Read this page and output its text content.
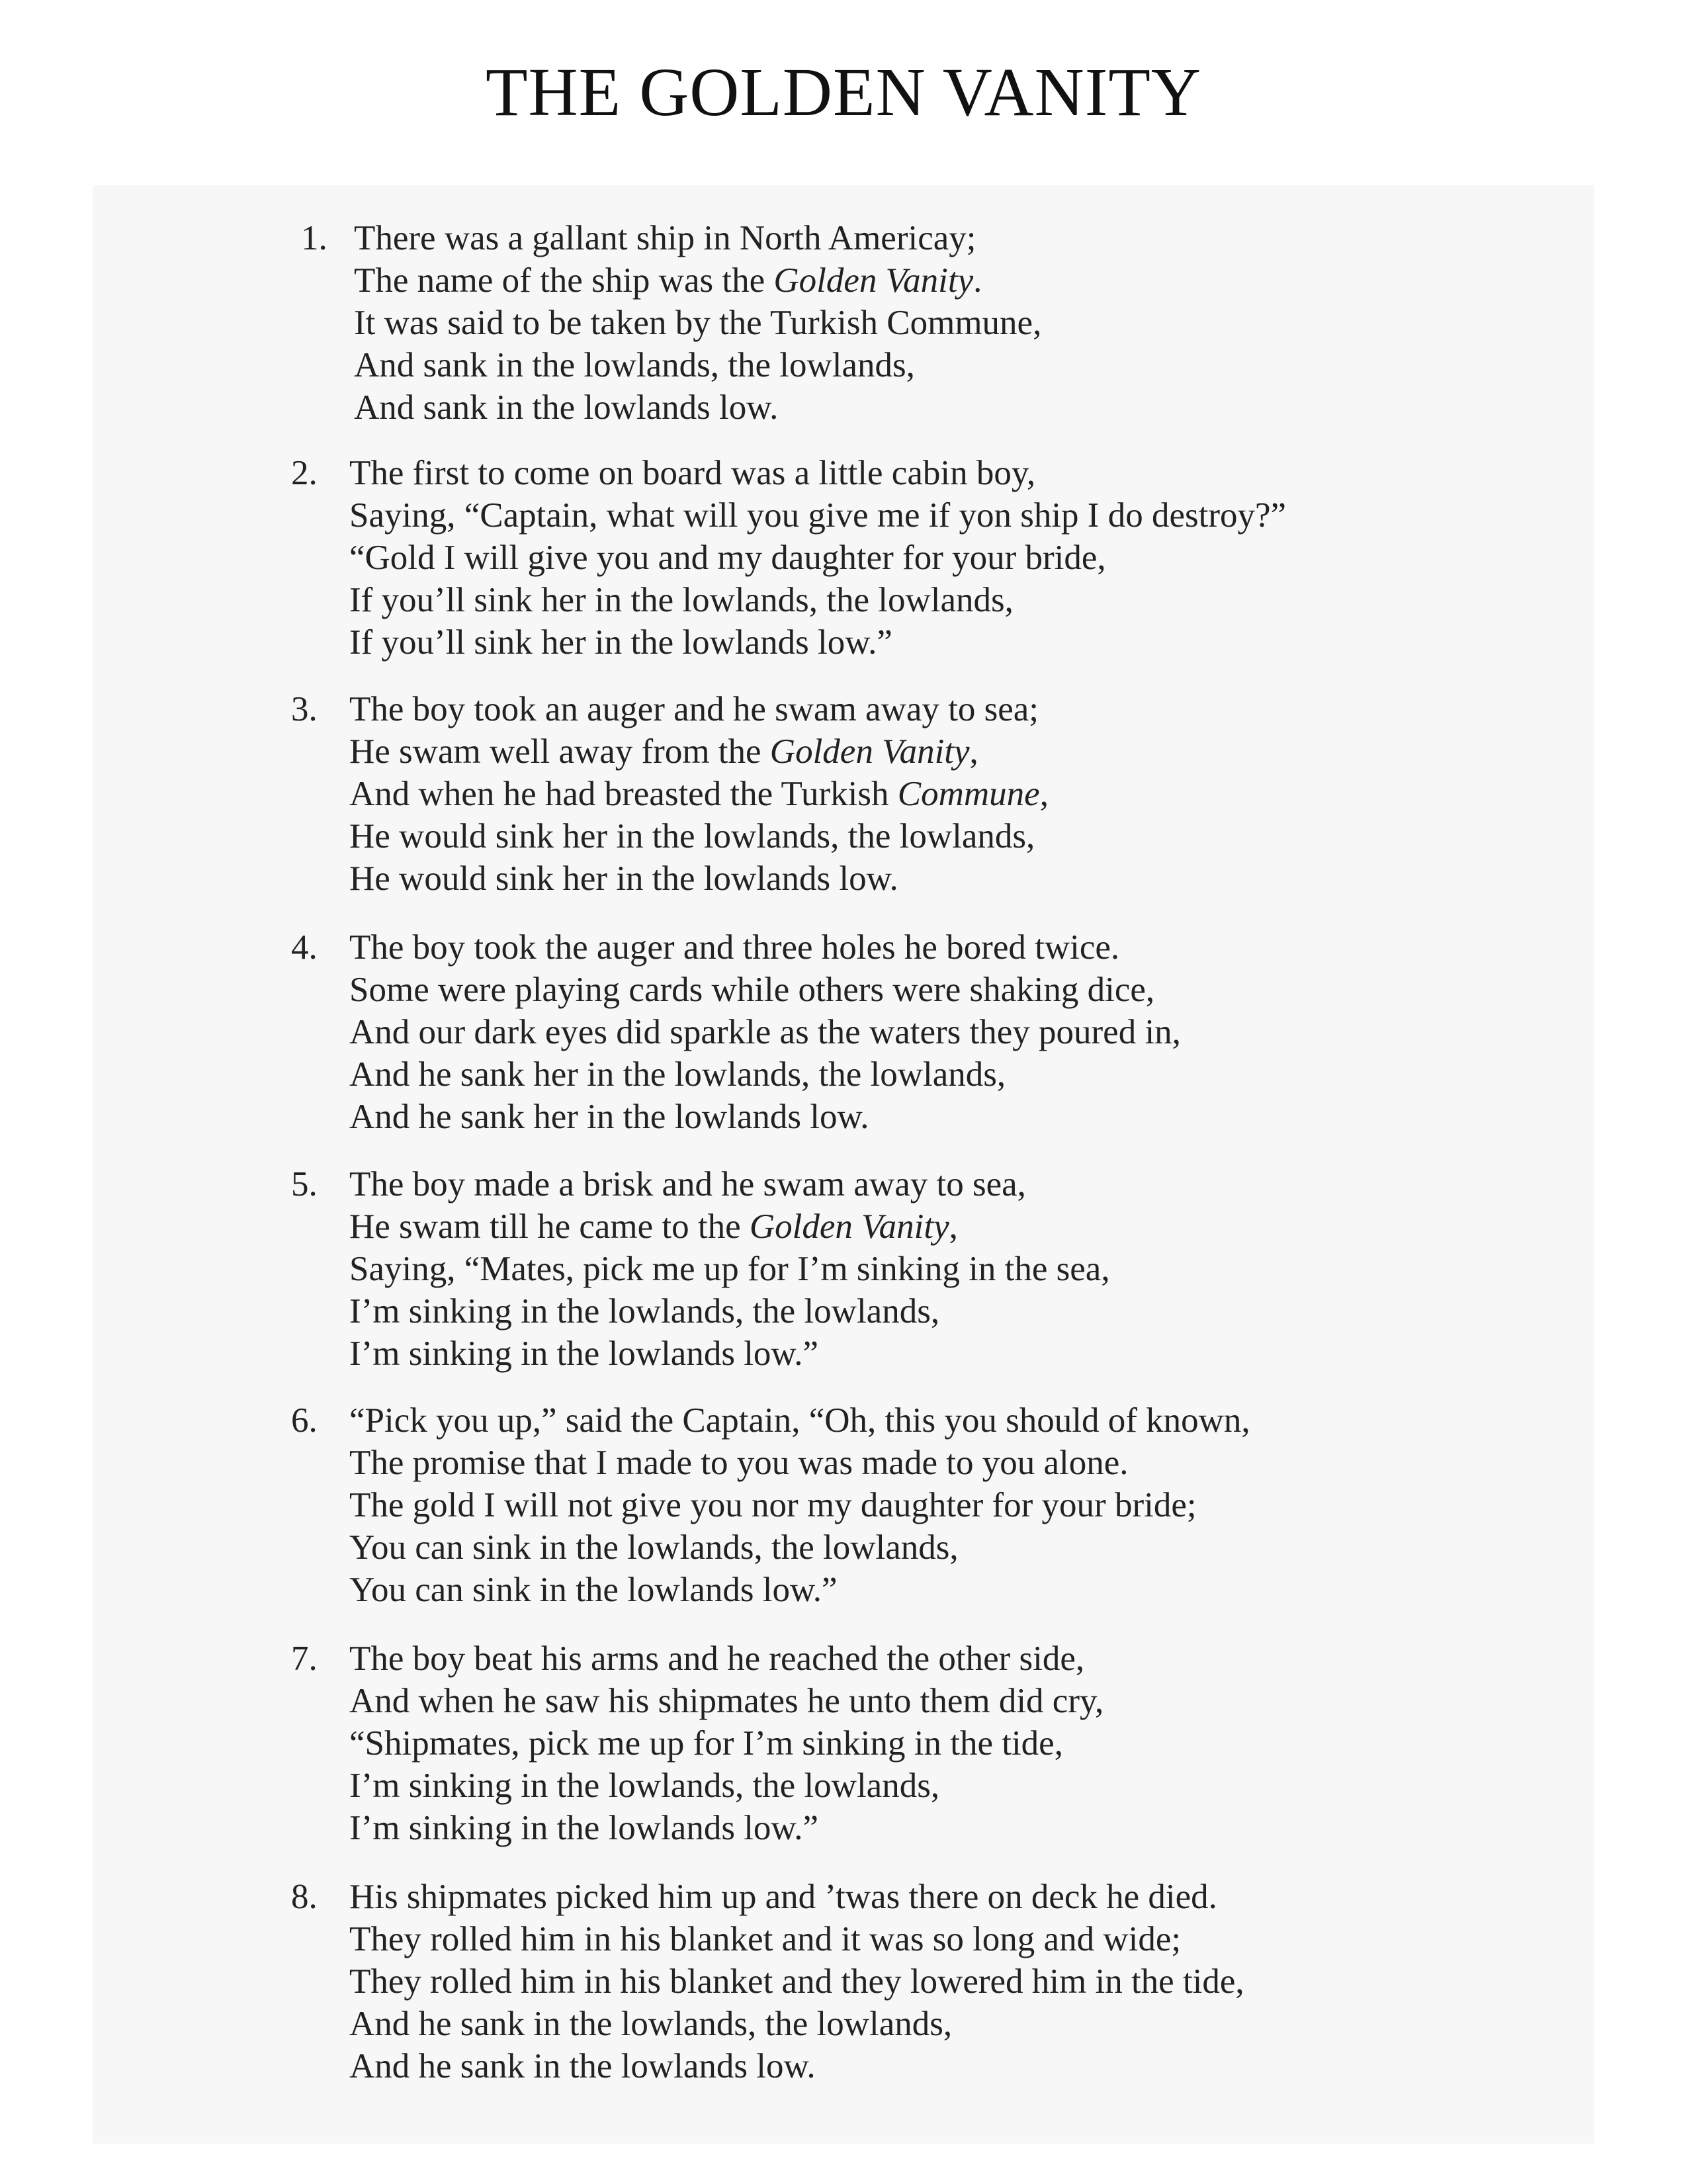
THE GOLDEN VANITY
1. There was a gallant ship in North Americay;
The name of the ship was the Golden Vanity.
It was said to be taken by the Turkish Commune,
And sank in the lowlands, the lowlands,
And sank in the lowlands low.
2. The first to come on board was a little cabin boy,
Saying, “Captain, what will you give me if yon ship I do destroy?”
“Gold I will give you and my daughter for your bride,
If you’ll sink her in the lowlands, the lowlands,
If you’ll sink her in the lowlands low.”
3. The boy took an auger and he swam away to sea;
He swam well away from the Golden Vanity,
And when he had breasted the Turkish Commune,
He would sink her in the lowlands, the lowlands,
He would sink her in the lowlands low.
4. The boy took the auger and three holes he bored twice.
Some were playing cards while others were shaking dice,
And our dark eyes did sparkle as the waters they poured in,
And he sank her in the lowlands, the lowlands,
And he sank her in the lowlands low.
5. The boy made a brisk and he swam away to sea,
He swam till he came to the Golden Vanity,
Saying, “Mates, pick me up for I’m sinking in the sea,
I’m sinking in the lowlands, the lowlands,
I’m sinking in the lowlands low.”
6. “Pick you up,” said the Captain, “Oh, this you should of known,
The promise that I made to you was made to you alone.
The gold I will not give you nor my daughter for your bride;
You can sink in the lowlands, the lowlands,
You can sink in the lowlands low.”
7. The boy beat his arms and he reached the other side,
And when he saw his shipmates he unto them did cry,
“Shipmates, pick me up for I’m sinking in the tide,
I’m sinking in the lowlands, the lowlands,
I’m sinking in the lowlands low.”
8. His shipmates picked him up and ’twas there on deck he died.
They rolled him in his blanket and it was so long and wide;
They rolled him in his blanket and they lowered him in the tide,
And he sank in the lowlands, the lowlands,
And he sank in the lowlands low.
